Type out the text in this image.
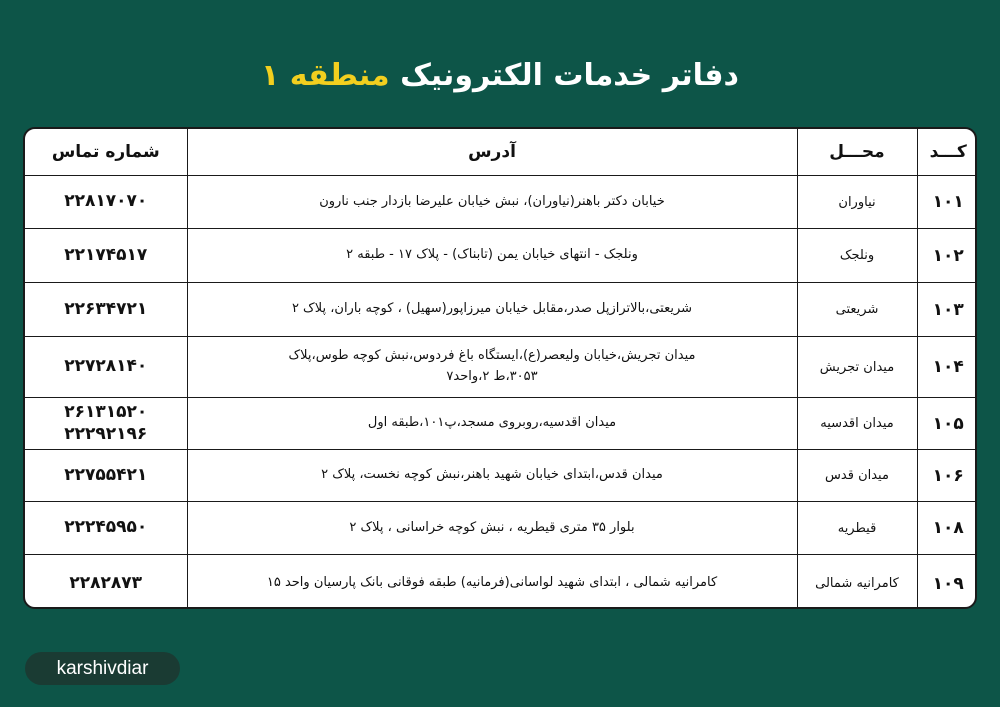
دفاتر خدمات الکترونیک منطقه ۱
کـــد	محـــل	آدرس	شماره تماس
۱۰۱	نیاوران	خیابان دکتر باهنر(نیاوران)، نبش خیابان علیرضا بازدار جنب نارون	۲۲۸۱۷۰۷۰

۱۰۲	ونلجک	ونلجک - انتهای خیابان یمن (تابناک) - پلاک ۱۷ - طبقه ۲	۲۲۱۷۴۵۱۷

۱۰۳	شریعتی	شریعتی،بالاترازپل صدر،مقابل خیابان میرزاپور(سهیل) ، کوچه باران، پلاک ۲	۲۲۶۳۴۷۲۱

۱۰۴	میدان تجریش	میدان تجریش،خیابان ولیعصر(ع)،ایستگاه باغ فردوس،نبش کوچه طوس،پلاک
۳۰۵۳،ط ۲،واحد۷	۲۲۷۲۸۱۴۰

۱۰۵	میدان اقدسیه	میدان اقدسیه،روبروی مسجد،پ۱۰۱،طبقه اول	۲۶۱۳۱۵۲۰
۲۲۲۹۲۱۹۶

۱۰۶	میدان قدس	میدان قدس،ابتدای خیابان شهید باهنر،نبش کوچه نخست، پلاک ۲	۲۲۷۵۵۴۲۱

۱۰۸	قیطریه	بلوار ۳۵ متری قیطریه ، نبش کوچه خراسانی ، پلاک ۲	۲۲۲۴۵۹۵۰

۱۰۹	کامرانیه شمالی	کامرانیه شمالی ، ابتدای شهید لواسانی(فرمانیه) طبقه فوقانی بانک پارسیان واحد ۱۵	۲۲۸۲۸۷۳
karshivdiar
